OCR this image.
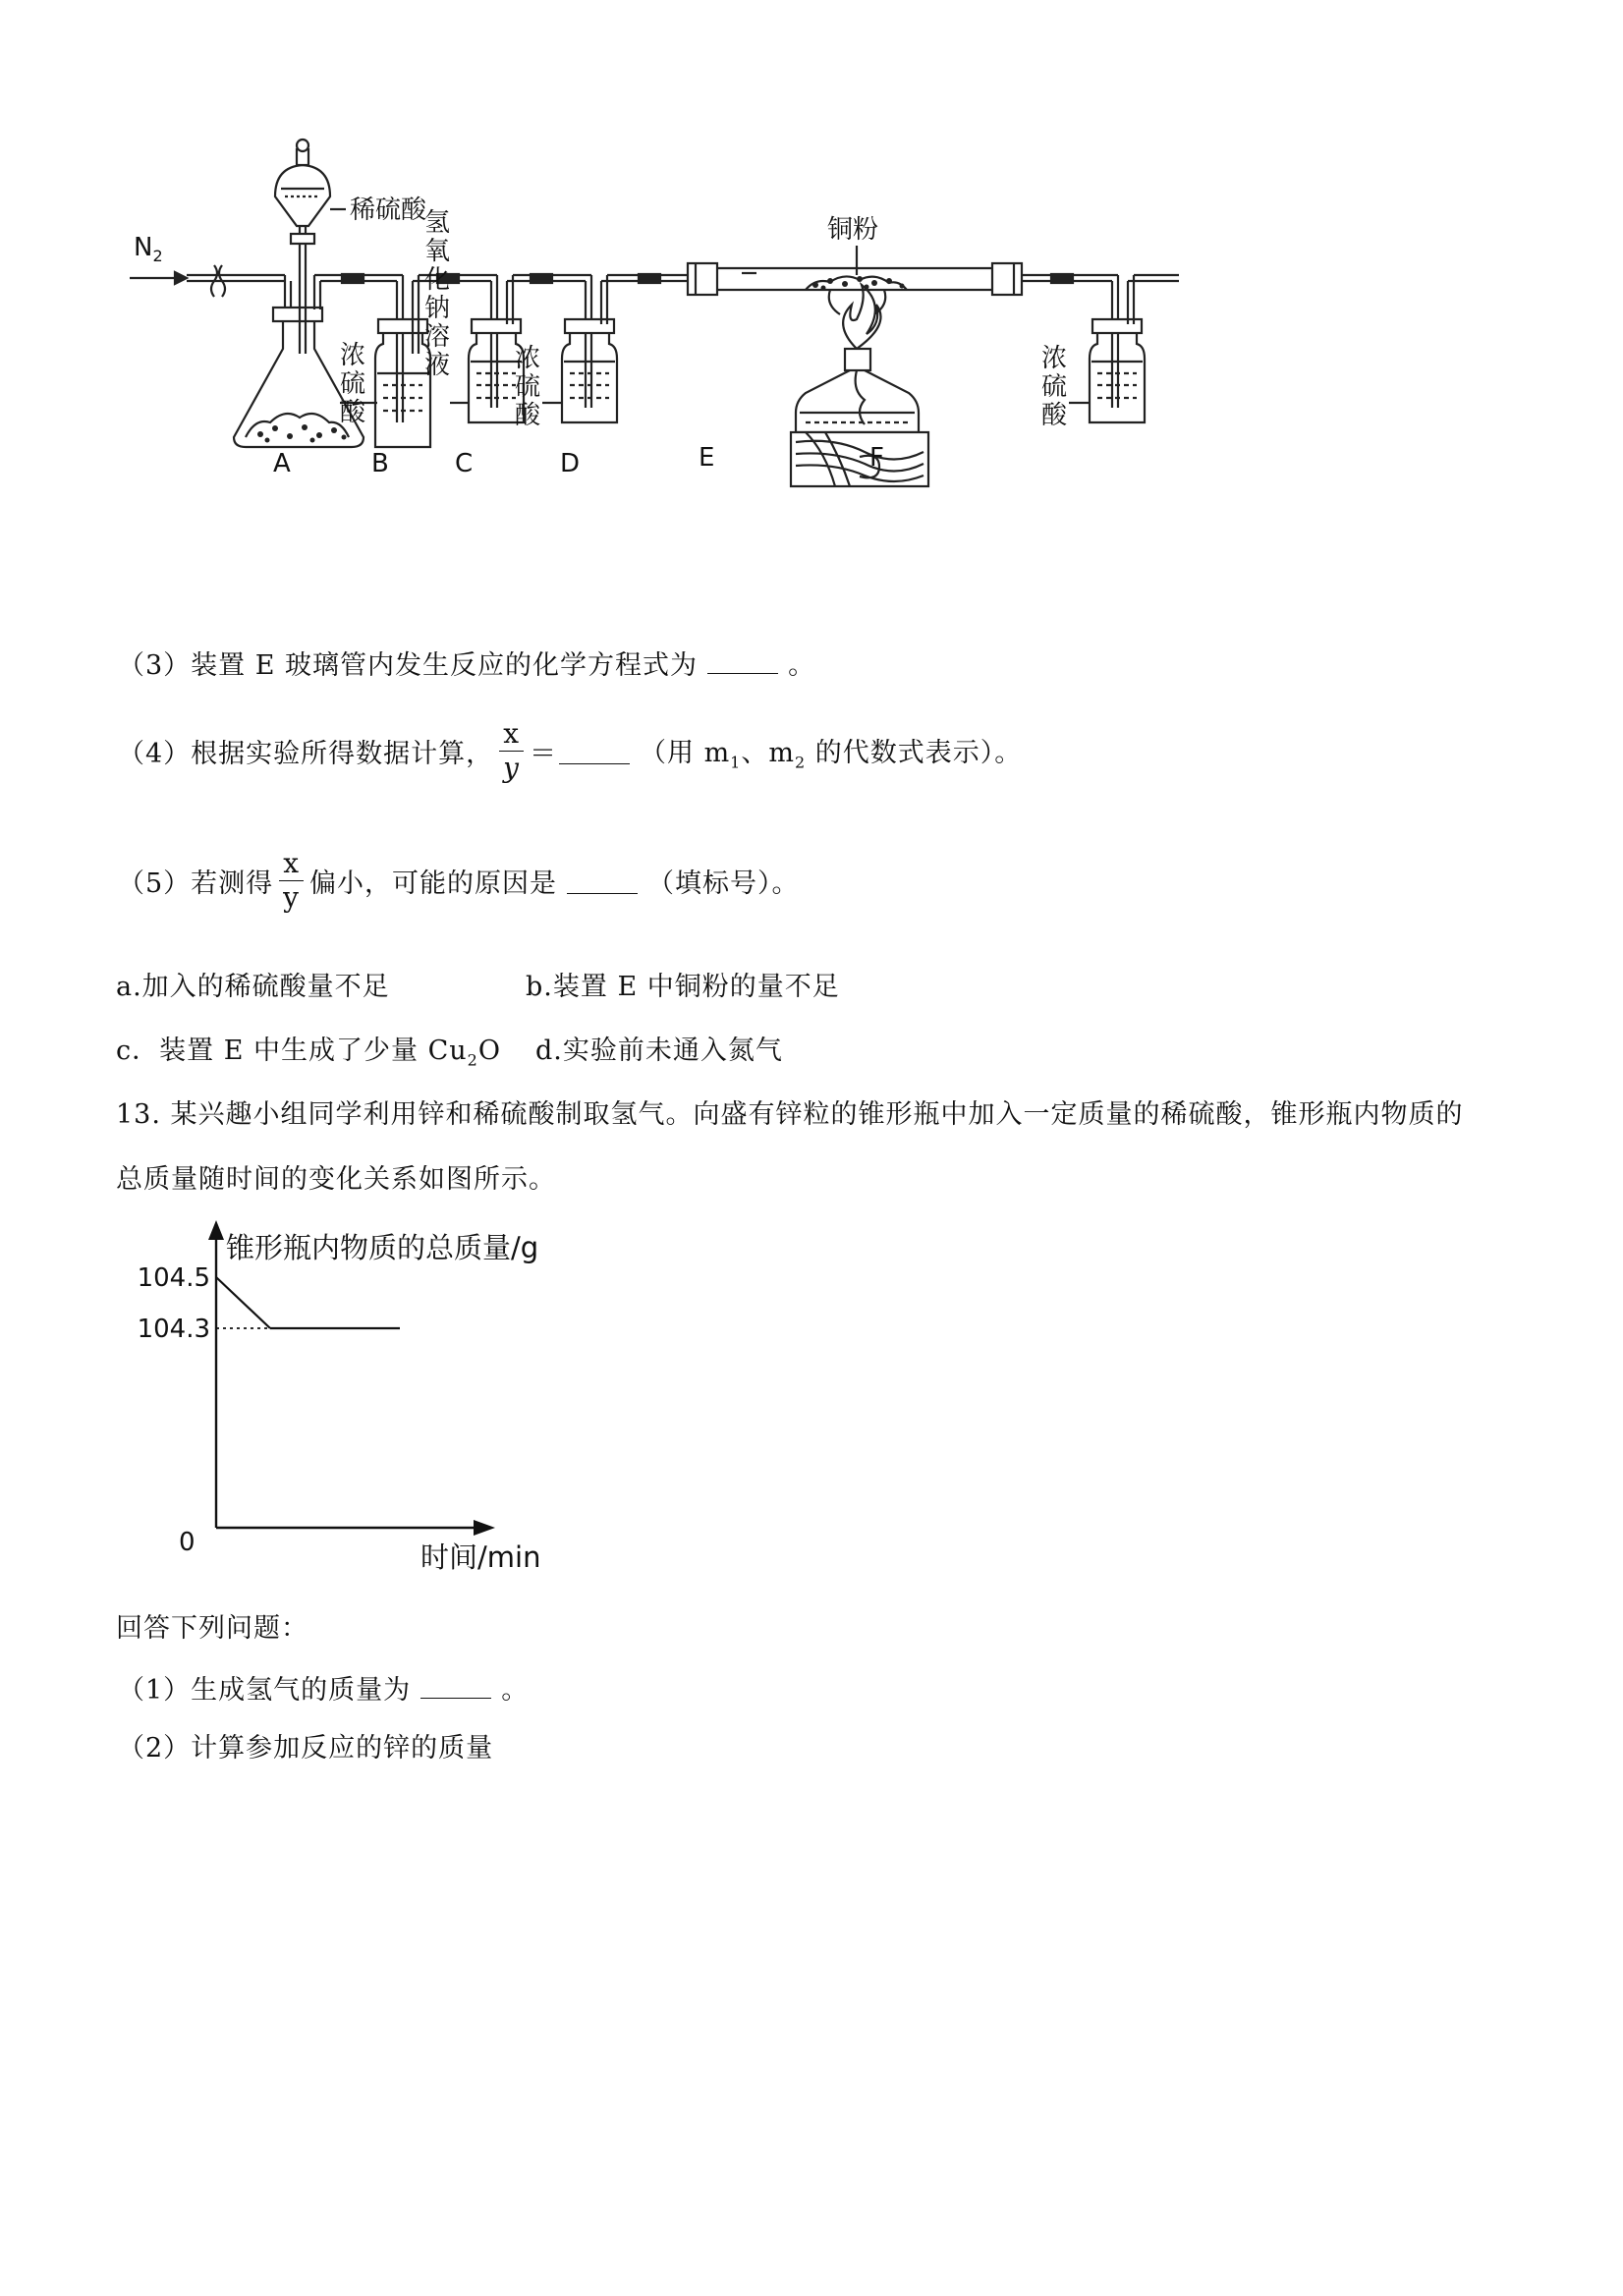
$N_2$
稀硫酸
铜粉
浓硫酸
氢氧化钠溶液	浓硫酸
浓硫酸
A	B	C	D	E	F
（3）装置 E 玻璃管内发生反应的化学方程式为	。
（4）根据实验所得数据计算， $\frac{x}{y}$ ＝	（用 $m_1$、$m_2$ 的代数式表示）。
（5）若测得 $\frac{x}{y}$ 偏小，可能的原因是	（填标号）。
a.加入的稀硫酸量不足	b.装置 E 中铜粉的量不足
c．装置 E 中生成了少量 $Cu_2O$ d.实验前未通入氮气
13. 某兴趣小组同学利用锌和稀硫酸制取氢气。向盛有锌粒的锥形瓶中加入一定质量的稀硫酸，锥形瓶内物质的
总质量随时间的变化关系如图所示。
锥形瓶内物质的总质量/g
时间/min
0
104.5
104.3
回答下列问题：
（1）生成氢气的质量为	。
（2）计算参加反应的锌的质量
